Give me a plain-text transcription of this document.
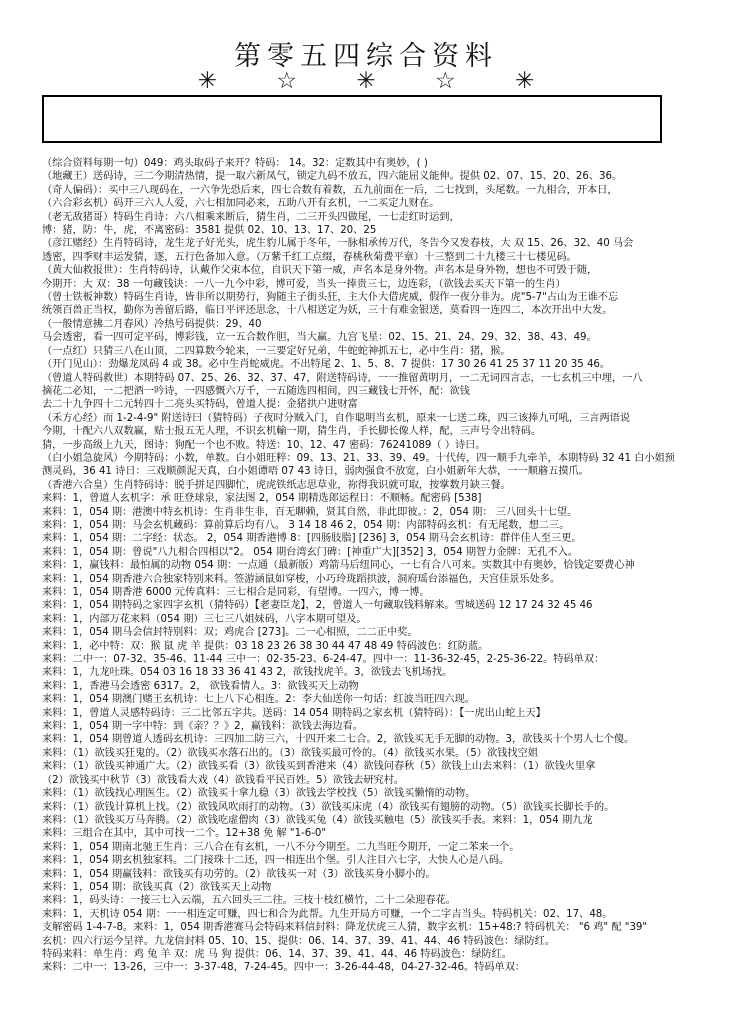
第零五四综合资料
✳	☆	✳	☆	✳
（综合资料每期一句）049：鸡头取码子来开？特码： 14。32：定数其中有奥妙，( )
（地藏王）送码诗，三二今期清热情，提一取六新凤气，锁定九码不放五，四六能屈义能伸。提供 02、07、15、20、26、36。
（奇人偏码）：买中三八现码在，一六争先恐后来，四七合数有着数，五九前面在一后，二七找到，头尾数。一九相合，开本日，
（六合彩玄机）码开三六人人爱，六七相加同必来，五助八开有玄机，一二买定九财在。
（老无敌猪哥）特码生肖诗：六八相乘来断后，猜生肖，二三开头四做尾，一七走红时运到，
博：猪，防：牛，虎，不离密码：3581 提供 02、10、13、17、20、25
（彦江赌经）生肖特码诗，龙生龙子好光头，虎生豹儿属于冬年，一脉相承传万代，冬告今又发春枝，大 双 15、26、32、40 马会
透密，四季财丰运发猜，逐，五行色备加入意。（万紫千红工点缀，春桃秋菊费平章）十三整到二十九楼三十七楼见码。
（黄大仙救报世）：生肖特码诗，认戴作父束本位，自识天下第一威，声名本是身外物。声名本是身外物，想也不可毁于随，
今期开：大 双：38 一句藏钱诀：一八一九今中彩，博可爱，当头一捧贵三七，边连彩，（欲钱去买天下第一的生肖）
（曾士铁板神数）特码生肖诗，皆非所以期势行，狗随主子街头狂，主大仆大借虎威，假作一夜分非为。虎"5-7"占山为王谁不忘
统领百兽正当权，勤你为善留后路，临日平评还思念，十八相送定为妖，三十有难金银送，莫看四一连四二，本次开出中大发。
（一般情意拂二月春风）冷热号码提供：29、40
马会透密，看一四可定平码，博彩钱，立一五合数作胆，当大赢。九宫飞星：02、15、21、24、29、32、38、43、49。
（一点红）只猜三八在山顶，二四算数今轮来，一三要定好兄弟，牛蛇蛇神抓五七，必中生肖：猪，猴。
（开门见山）：劲爆龙凤码 4 或 38。必中生肖蛇威虎。不出特尾 2、1、5、8、7 提供：17 30 26 41 25 37 11 20 35 46。
（曾道人特码救世）本期特码 07、25、26、32、37、47，附送特码诗，一一推留黄明月，一二无词四言志，一七玄机三中埋，一八
摘花二必知，一二把酒一吟诗，一四感慨六万千，一五随选四相间，四三藏钱七开怀，配：欲钱
去二十九争四十二元转四十二亮头买特码，曾道人提：金猪拱户进财富
（禾方心经）而 1-2-4-9" 附送诗曰（猜特码）子夜时分贼入门，自作聪明当玄机，原来一七送二珠，四三该捧九可吼，三言两语说
今期，十配六八双数赢，贴士报五无人理，不识玄机輸一期，猜生肖，手长脚长像人样，配，三声号令出特码。
猜，一步高级上九天，图诗：狗配一个也不败。特送：10、12、47 密码：76241089（ ）诗曰。
（白小姐急旋风）今期特码：小数，单数。白小姐旺粹：09、13、21、33、39、49。十代传，四一顺手九牵羊，本期特码 32 41 白小姐预
测灵码，36 41 诗日：三戏顺颜泥天真，白小姐谭唔 07 43 诗日，弱肉强食不放宽，白小姐新年大恭，一一顺蘑五摸爪。
（香港六合皇）生肖特码诗：脱手拼足四脚忙，虎虎铁纸志思草业，祢得我识就可取，按掌数月缺三餐。
来料：1，曾道人玄机字：承 旺登球泉，家法图 2，054 期精选郎运程日：不顺畅。配密码 [538]
来料：1，054 期：港澳中特玄机诗：生肖非生非，百无聊赖，贤其自然，非此即彼。：2，054 期： 三八回头十七望。
来料：1，054 期：马会玄机藏码：算前算后均有八。 3 14 18 46 2，054 期：内部特码玄机：有无尾数，想二三。
来料：1，054 期：二字经：状态。 2，054 期香港博 8：[四肠肢脂] [236] 3，054 期马会玄机诗：群伴佳人至三更。
来料：1，054 期：曾说"八九相合四相以"2。 054 期台湾玄门碑：[神重广大][352] 3，054 期智力金牌：无孔不入。
来料：1，赢钱料：最怕属的动物 054 期：一点通（最新版）鸡箭马后纽同心，一七有合八可来。实数其中有奥妙，恰钱定要费心神
来料：1，054 期香港六合独家特别来料。签游涵鼠如穿梭，小巧玲珑蹈拱波，洞府瑶台添福色，天宫佳景乐处多。
来料：1，054 期香港 6000 元传真料：三七相合是同彩，有望博。一四六，博一博。
来料：1，054 期特码之家四字玄机（猜特码）【老妻臣龙】，2，曾道人一句藏取钱料解来。雪城送码 12 17 24 32 45 46
来料：1，内部万花来料（054 期）三七三八姐妹码，八字本期可望及。
来料：1，054 期马会信封特别料：双；鸡虎合 [273]。二一心相照，二二正中奖。
来料：1，必中特：双：猴 鼠 虎 羊 提供：03 18 23 26 38 30 44 47 48 49 特码波色：红防蓝。
来料：二中一：07-32、35-46、11-44 三中一：02-35-23、6-24-47。四中一：11-36-32-45，2-25-36-22。特码单双：
来料：1，九龙吐珠。054 03 16 18 33 36 41 43 2，欲钱找虎羊。3，欲钱去飞机场找。
来料：1，香港马会透密 6317。2， 欲钱看情人。3：欲钱买天上动物
来料：1，054 期澳门赌王玄机诗：七上八下心相连。2：李大仙送你一句话：红波当旺四六现。
来料：1，曾道人灵感特码诗：三二比邻五字共。送码：14 054 期特码之家玄机（猜特码）：【一虎出山蛇上天】
来料：1，054 期一字中特：到《亲？？》2，赢钱料：欲钱去海边看。
来料：1，054 期曾道人透码玄机诗：三四加二防三六，十四开来二七合。2，欲钱买无手无脚的动物。3，欲钱买十个男人七个傻。
来料：（1）欲钱买狂鬼的。（2）欲钱买水落石出的。（3）欲钱买最可怜的。（4）欲钱买水果。（5）欲钱找空姐
来料：（1）欲钱买神通广大。（2）欲钱买看（3）欲钱买到香港来（4）欲钱问春秋（5）欲钱上山去来料：（1）欲钱火里拿
（2）欲钱买中秋节（3）欲钱看大戏（4）欲钱看平民百姓。5）欲钱去研究村。
来料：（1）欲钱找心理医生。（2）欲钱买十拿九稳（3）欲钱去学校找（5）欲钱买懒惰的动物。
来料：（1）欲钱计算机上找。（2）欲钱风吹雨打的动物。（3）欲钱买床虎（4）欲钱买有翅膀的动物。（5）欲钱买长脚长手的。
来料：（1）欲钱买万马奔腾。（2）欲钱吃虚僧肉（3）欲钱买兔（4）欲钱买触电（5）欲钱买手表。来料：1，054 期九龙
来料：三组合在其中，其中可找一二个。12+38 免 解 "1-6-0"
来料：1，054 期南北驰王生肖：三八合在有玄机，一八不分今期至。二九当旺今期开，一定二苯来一个。
来料：1，054 期玄机独家料。二门接珠十二还，四一相连出个堡。引人注目六七字，大快人心是八码。
来料：1，054 期赢钱料：欲钱买有功劳的。（2）欲钱买一对（3）欲钱买身小脚小的。
来料：1，054 期：欲钱买真（2）欲钱买天上动物
来料：1，码头诗：一接三七入云端，五六回头三二往。三枝十枝红横竹，二十二朵迎春花。
来料：1，天机诗 054 期：一一相连定可赚，四七和合为此帮。九生开局方可赚，一个二字吉当头。特码机关：02、17、48。
支解密码 1-4-7-8。来料：1，054 期香港赛马会特码来料信封料：降龙伏虎三人猜，数字玄机：15+48:? 特码机关： "6 鸡" 配 "39"
玄机：四六行运今呈祥。九龙信封料 05、10、15、提供：06、14、37、39、41、44、46 特码波色：绿防红。
特码来料：单生肖：鸡 兔 羊 双：虎 马 狗 提供：06、14、37、39、41、44、46 特码波色：绿防红。
来料：二中一：13-26，三中一：3-37-48，7-24-45。四中一：3-26-44-48，04-27-32-46。特码单双：
